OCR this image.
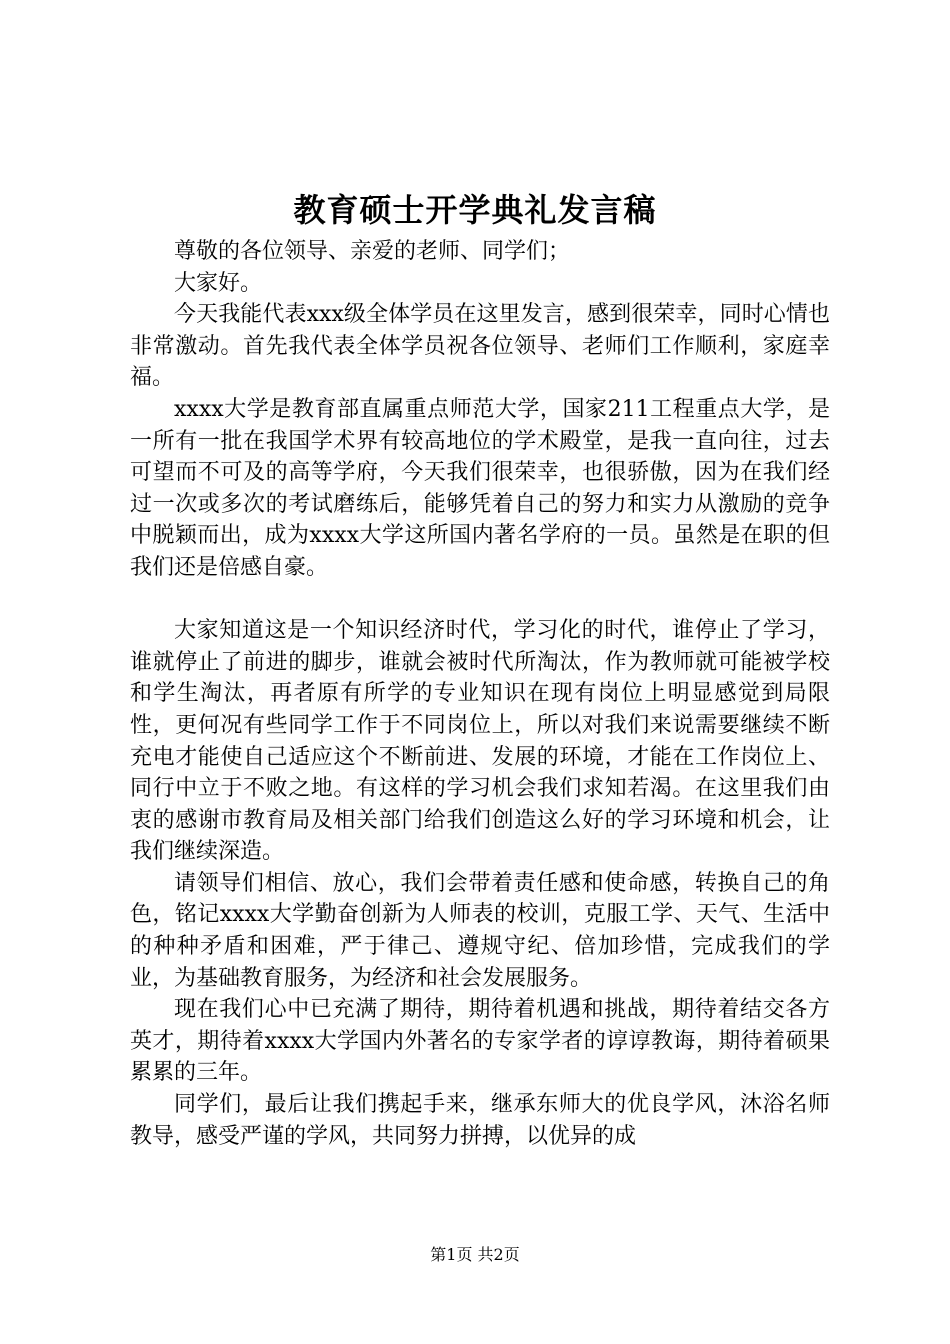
教育硕士开学典礼发言稿

尊敬的各位领导、亲爱的老师、同学们；

大家好。

今天我能代表xxx级全体学员在这里发言，感到很荣幸，同时心情也非常激动。首先我代表全体学员祝各位领导、老师们工作顺利，家庭幸福。

xxxx大学是教育部直属重点师范大学，国家211工程重点大学，是一所有一批在我国学术界有较高地位的学术殿堂，是我一直向往，过去可望而不可及的高等学府，今天我们很荣幸，也很骄傲，因为在我们经过一次或多次的考试磨练后，能够凭着自己的努力和实力从激励的竞争中脱颖而出，成为xxxx大学这所国内著名学府的一员。虽然是在职的但我们还是倍感自豪。

大家知道这是一个知识经济时代，学习化的时代，谁停止了学习，谁就停止了前进的脚步，谁就会被时代所淘汰，作为教师就可能被学校和学生淘汰，再者原有所学的专业知识在现有岗位上明显感觉到局限性，更何况有些同学工作于不同岗位上，所以对我们来说需要继续不断充电才能使自己适应这个不断前进、发展的环境，才能在工作岗位上、同行中立于不败之地。有这样的学习机会我们求知若渴。在这里我们由衷的感谢市教育局及相关部门给我们创造这么好的学习环境和机会，让我们继续深造。

请领导们相信、放心，我们会带着责任感和使命感，转换自己的角色，铭记xxxx大学勤奋创新为人师表的校训，克服工学、天气、生活中的种种矛盾和困难，严于律己、遵规守纪、倍加珍惜，完成我们的学业，为基础教育服务，为经济和社会发展服务。

现在我们心中已充满了期待，期待着机遇和挑战，期待着结交各方英才，期待着xxxx大学国内外著名的专家学者的谆谆教诲，期待着硕果累累的三年。

同学们，最后让我们携起手来，继承东师大的优良学风，沐浴名师教导，感受严谨的学风，共同努力拼搏，以优异的成

第1页 共2页
